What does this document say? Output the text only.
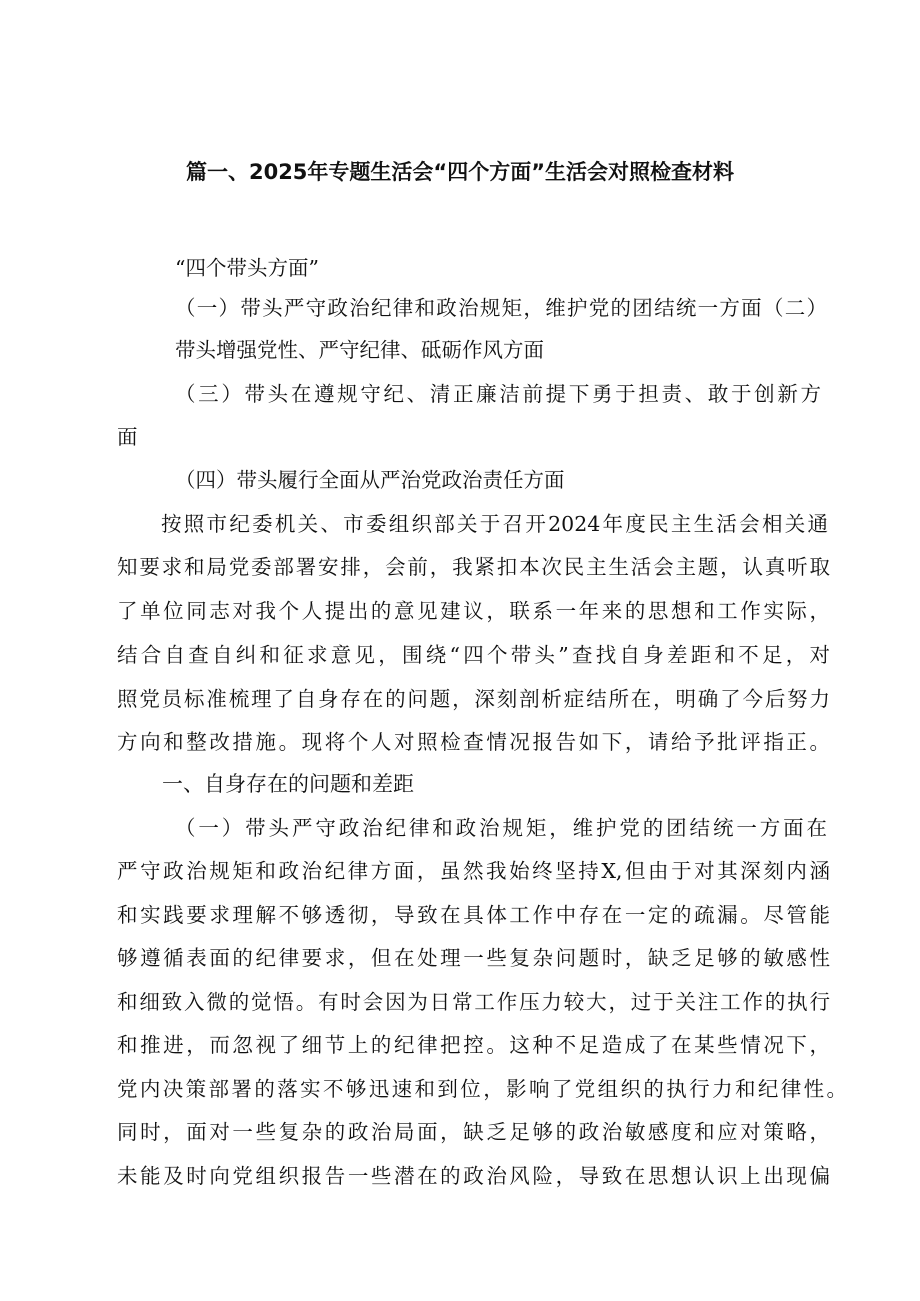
篇一、2025年专题生活会“四个方面”生活会对照检查材料
“四个带头方面”
（一）带头严守政治纪律和政治规矩，维护党的团结统一方面（二）
带头增强党性、严守纪律、砥砺作风方面
（三）带头在遵规守纪、清正廉洁前提下勇于担责、敢于创新方
面
（四）带头履行全面从严治党政治责任方面
按照市纪委机关、市委组织部关于召开2024年度民主生活会相关通
知要求和局党委部署安排，会前，我紧扣本次民主生活会主题，认真听取
了单位同志对我个人提出的意见建议，联系一年来的思想和工作实际，
结合自查自纠和征求意见，围绕“四个带头”查找自身差距和不足，对
照党员标准梳理了自身存在的问题，深刻剖析症结所在，明确了今后努力
方向和整改措施。现将个人对照检查情况报告如下，请给予批评指正。
一、自身存在的问题和差距
（一）带头严守政治纪律和政治规矩，维护党的团结统一方面在
严守政治规矩和政治纪律方面，虽然我始终坚持X,但由于对其深刻内涵
和实践要求理解不够透彻，导致在具体工作中存在一定的疏漏。尽管能
够遵循表面的纪律要求，但在处理一些复杂问题时，缺乏足够的敏感性
和细致入微的觉悟。有时会因为日常工作压力较大，过于关注工作的执行
和推进，而忽视了细节上的纪律把控。这种不足造成了在某些情况下，
党内决策部署的落实不够迅速和到位，影响了党组织的执行力和纪律性。
同时，面对一些复杂的政治局面，缺乏足够的政治敏感度和应对策略，
未能及时向党组织报告一些潜在的政治风险，导致在思想认识上出现偏
